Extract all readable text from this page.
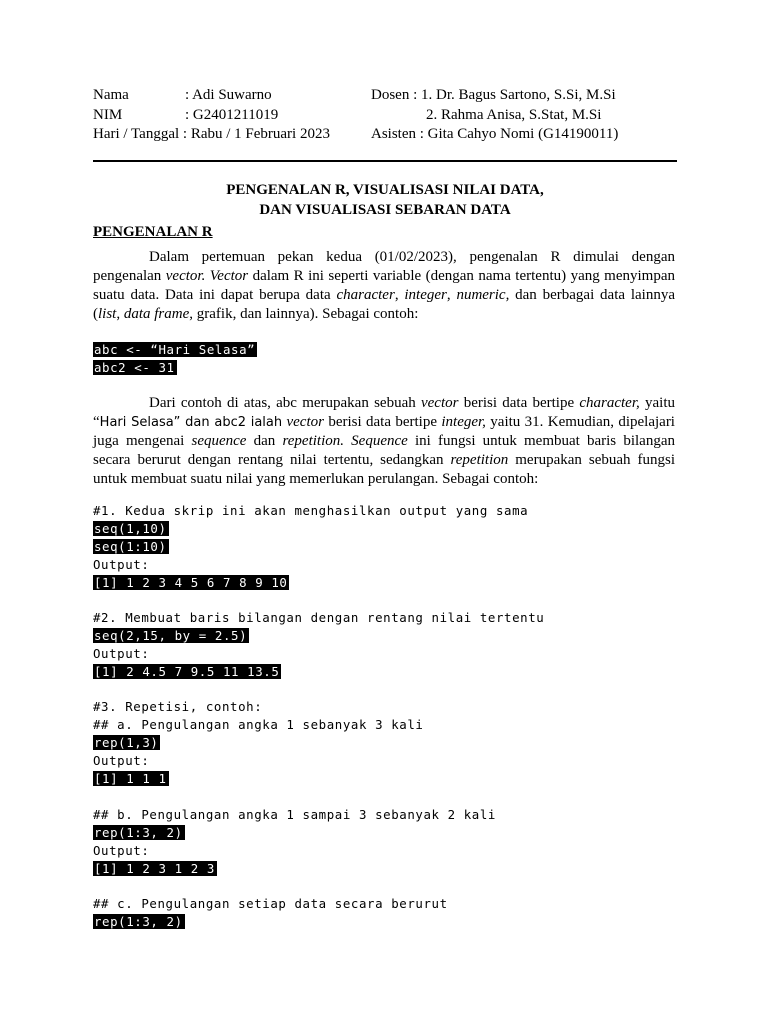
Nama	: Adi Suwarno
NIM	: G2401211019
Hari / Tanggal : Rabu / 1 Februari 2023
Dosen : 1. Dr. Bagus Sartono, S.Si, M.Si
2. Rahma Anisa, S.Stat, M.Si
Asisten : Gita Cahyo Nomi (G14190011)
PENGENALAN R, VISUALISASI NILAI DATA,
DAN VISUALISASI SEBARAN DATA
PENGENALAN R
Dalam pertemuan pekan kedua (01/02/2023), pengenalan R dimulai dengan pengenalan vector. Vector dalam R ini seperti variable (dengan nama tertentu) yang menyimpan suatu data. Data ini dapat berupa data character, integer, numeric, dan berbagai data lainnya (list, data frame, grafik, dan lainnya). Sebagai contoh:
abc <- “Hari Selasa”
abc2 <- 31
Dari contoh di atas, abc merupakan sebuah vector berisi data bertipe character, yaitu “Hari Selasa” dan abc2 ialah vector berisi data bertipe integer, yaitu 31. Kemudian, dipelajari juga mengenai sequence dan repetition. Sequence ini fungsi untuk membuat baris bilangan secara berurut dengan rentang nilai tertentu, sedangkan repetition merupakan sebuah fungsi untuk membuat suatu nilai yang memerlukan perulangan. Sebagai contoh:
#1. Kedua skrip ini akan menghasilkan output yang sama
seq(1,10)
seq(1:10)
Output:
[1] 1 2 3 4 5 6 7 8 9 10
#2. Membuat baris bilangan dengan rentang nilai tertentu
seq(2,15, by = 2.5)
Output:
[1] 2 4.5 7 9.5 11 13.5
#3. Repetisi, contoh:
## a. Pengulangan angka 1 sebanyak 3 kali
rep(1,3)
Output:
[1] 1 1 1
## b. Pengulangan angka 1 sampai 3 sebanyak 2 kali
rep(1:3, 2)
Output:
[1] 1 2 3 1 2 3
## c. Pengulangan setiap data secara berurut
rep(1:3, 2)
